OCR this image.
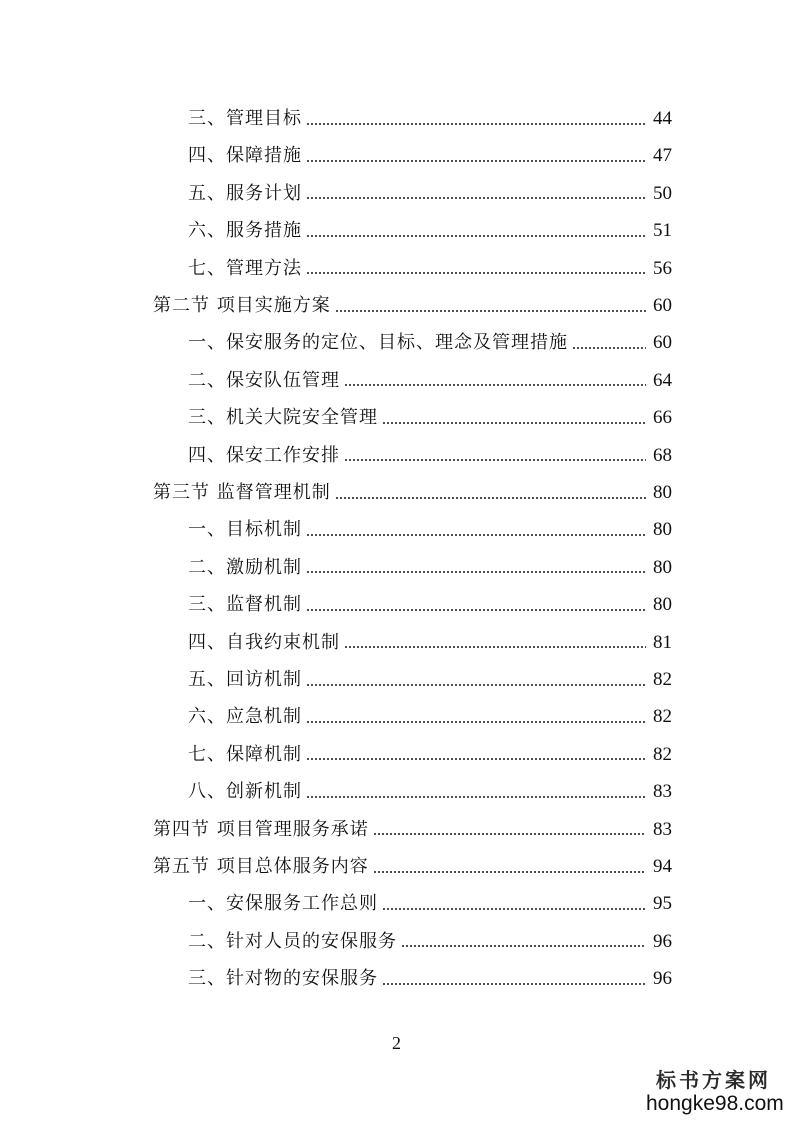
三、管理目标	44
四、保障措施	47
五、服务计划	50
六、服务措施	51
七、管理方法	56
第二节 项目实施方案	60
一、保安服务的定位、目标、理念及管理措施	60
二、保安队伍管理	64
三、机关大院安全管理	66
四、保安工作安排	68
第三节 监督管理机制	80
一、目标机制	80
二、激励机制	80
三、监督机制	80
四、自我约束机制	81
五、回访机制	82
六、应急机制	82
七、保障机制	82
八、创新机制	83
第四节 项目管理服务承诺	83
第五节 项目总体服务内容	94
一、安保服务工作总则	95
二、针对人员的安保服务	96
三、针对物的安保服务	96
2
标书方案网
hongke98.com
